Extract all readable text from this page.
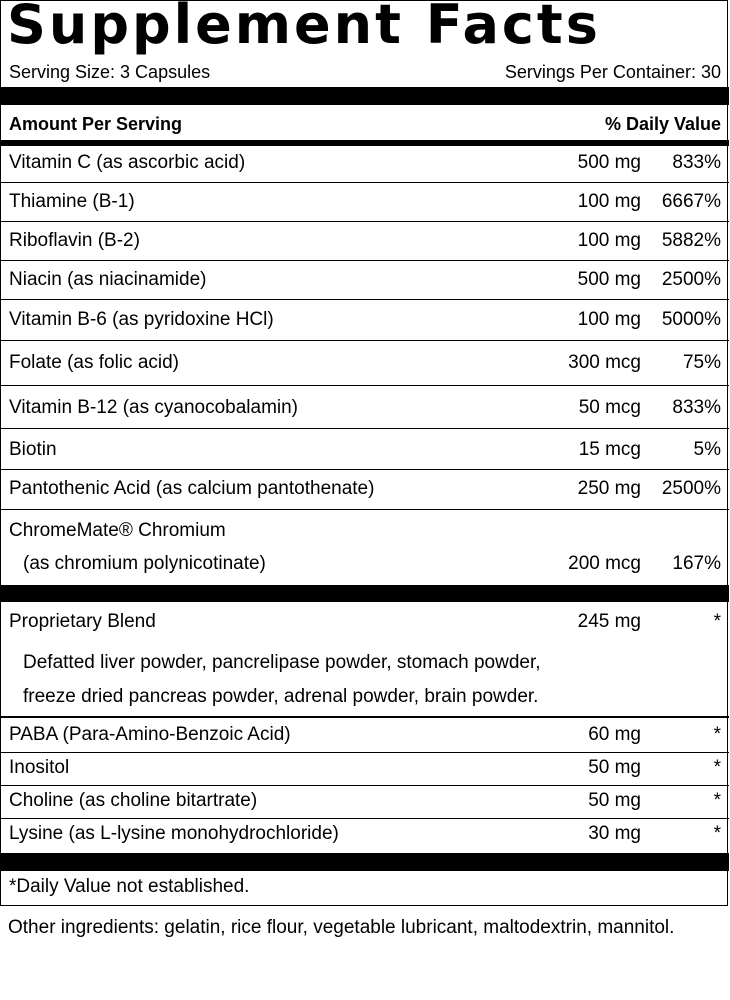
Supplement Facts
Serving Size: 3 Capsules	Servings Per Container: 30
Amount Per Serving	% Daily Value
Vitamin C (as ascorbic acid)	500 mg 833%
Thiamine (B-1)	100 mg 6667%
Riboflavin (B-2)	100 mg 5882%
Niacin (as niacinamide)	500 mg 2500%
Vitamin B-6 (as pyridoxine HCl)	100 mg 5000%
Folate (as folic acid)	300 mcg 75%
Vitamin B-12 (as cyanocobalamin)	50 mcg 833%
Biotin	15 mcg	5%
Pantothenic Acid (as calcium pantothenate)	250 mg 2500%
ChromeMate® Chromium
(as chromium polynicotinate)	200 mcg 167%
Proprietary Blend	245 mg	*
Defatted liver powder, pancrelipase powder, stomach powder,
freeze dried pancreas powder, adrenal powder, brain powder.
PABA (Para-Amino-Benzoic Acid)	60 mg	*
Inositol	50 mg	*
Choline (as choline bitartrate)	50 mg	*
Lysine (as L-lysine monohydrochloride)	30 mg	*
*Daily Value not established.
Other ingredients: gelatin, rice flour, vegetable lubricant, maltodextrin, mannitol.
